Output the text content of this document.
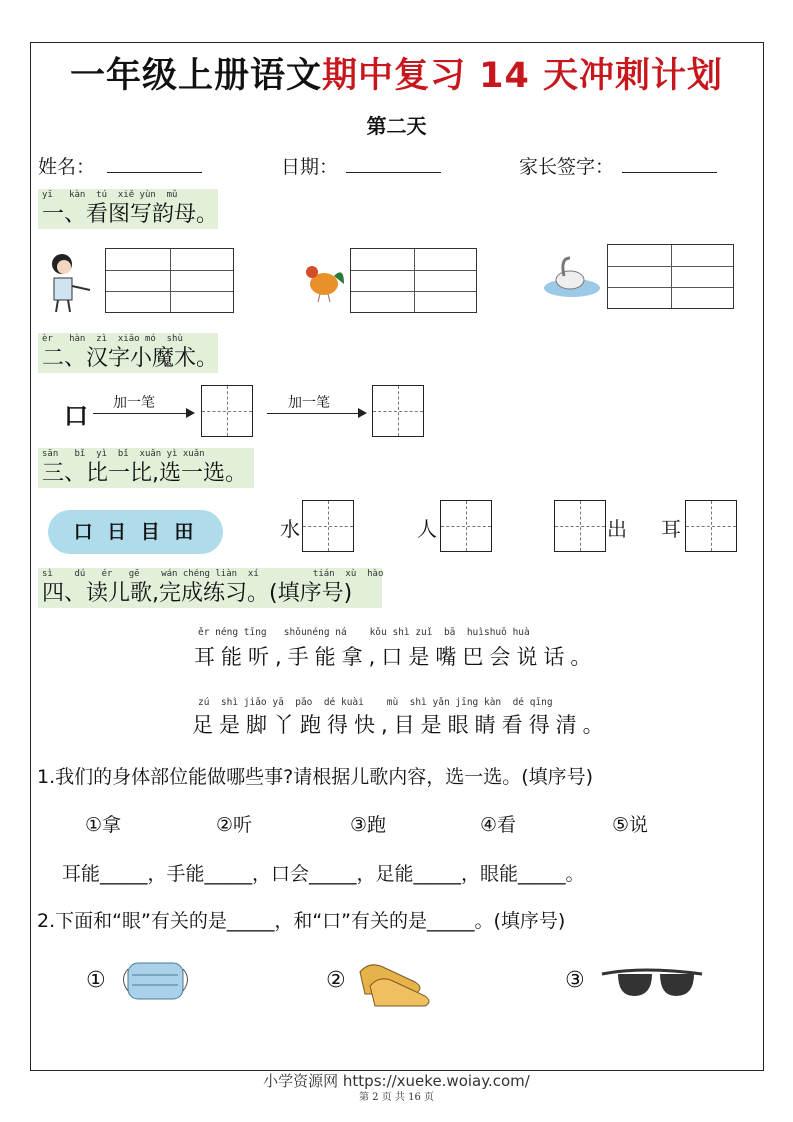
一年级上册语文期中复习 14 天冲刺计划
第二天
姓名：	日期：	家长签字：
yī   kàn  tú  xiě yùn  mǔ
一、看图写韵母。
èr   hàn  zì  xiǎo mó  shù
二、汉字小魔术。
口 加一笔	加一笔
sān   bǐ  yì  bǐ  xuǎn yì xuǎn
三、比一比,选一选。
口 日 目 田	水	人	出 耳
sì    dú   ér   gē    wán chéng liàn  xí          tián  xù  hào
四、读儿歌,完成练习。(填序号)
ěr néng tīng   shǒunéng ná    kǒu shì zuǐ  bā  huìshuō huà
耳能听,手能拿,口是嘴巴会说话。
zú  shì jiǎo yā  pǎo  dé kuài    mù  shì yǎn jīng kàn  dé qīng
足是脚丫跑得快,目是眼睛看得清。
1.我们的身体部位能做哪些事?请根据儿歌内容，选一选。(填序号)
①拿	②听	③跑	④看	⑤说
耳能_____，手能_____，口会_____，足能_____，眼能_____。
2.下面和“眼”有关的是_____，和“口”有关的是_____。(填序号)
①	②	③
小学资源网 https://xueke.woiay.com/
第 2 页 共 16 页
